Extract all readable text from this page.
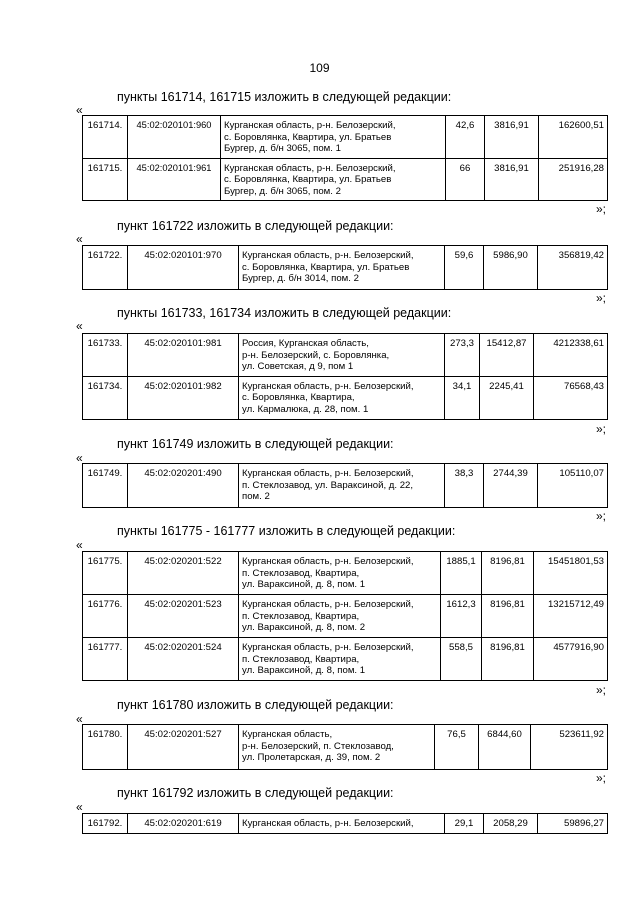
109
пункты 161714, 161715 изложить в следующей редакции:
«
161714.	45:02:020101:960	Курганская область, р-н. Белозерский,
с. Боровлянка, Квартира, ул. Братьев
Бургер, д. б/н 3065, пом. 1	42,6	3816,91	162600,51
161715.	45:02:020101:961	Курганская область, р-н. Белозерский,
с. Боровлянка, Квартира, ул. Братьев
Бургер, д. б/н 3065, пом. 2	66	3816,91	251916,28
»;
пункт 161722 изложить в следующей редакции:
«
161722.	45:02:020101:970	Курганская область, р-н. Белозерский,
с. Боровлянка, Квартира, ул. Братьев
Бургер, д. б/н 3014, пом. 2
	59,6	5986,90	356819,42
»;
пункты 161733, 161734 изложить в следующей редакции:
«
161733.	45:02:020101:981	Россия, Курганская область,
р-н. Белозерский, с. Боровлянка,
ул. Советская, д 9, пом 1	273,3	15412,87	4212338,61
161734.	45:02:020101:982	Курганская область, р-н. Белозерский,
с. Боровлянка, Квартира,
ул. Кармалюка, д. 28, пом. 1	34,1	2245,41	76568,43
»;
пункт 161749 изложить в следующей редакции:
«
161749.	45:02:020201:490	Курганская область, р-н. Белозерский,
п. Стеклозавод, ул. Вараксиной, д. 22,
пом. 2
	38,3	2744,39	105110,07
»;
пункты 161775 - 161777 изложить в следующей редакции:
«
161775.	45:02:020201:522	Курганская область, р-н. Белозерский,
п. Стеклозавод, Квартира,
ул. Вараксиной, д. 8, пом. 1	1885,1	8196,81	15451801,53
161776.	45:02:020201:523	Курганская область, р-н. Белозерский,
п. Стеклозавод, Квартира,
ул. Вараксиной, д. 8, пом. 2	1612,3	8196,81	13215712,49
161777.	45:02:020201:524	Курганская область, р-н. Белозерский,
п. Стеклозавод, Квартира,
ул. Вараксиной, д. 8, пом. 1	558,5	8196,81	4577916,90
»;
пункт 161780 изложить в следующей редакции:
«
161780.	45:02:020201:527	Курганская область,
р-н. Белозерский, п. Стеклозавод,
ул. Пролетарская, д. 39, пом. 2
	76,5	6844,60	523611,92
»;
пункт 161792 изложить в следующей редакции:
«
161792.	45:02:020201:619	Курганская область, р-н. Белозерский,	29,1	2058,29	59896,27
